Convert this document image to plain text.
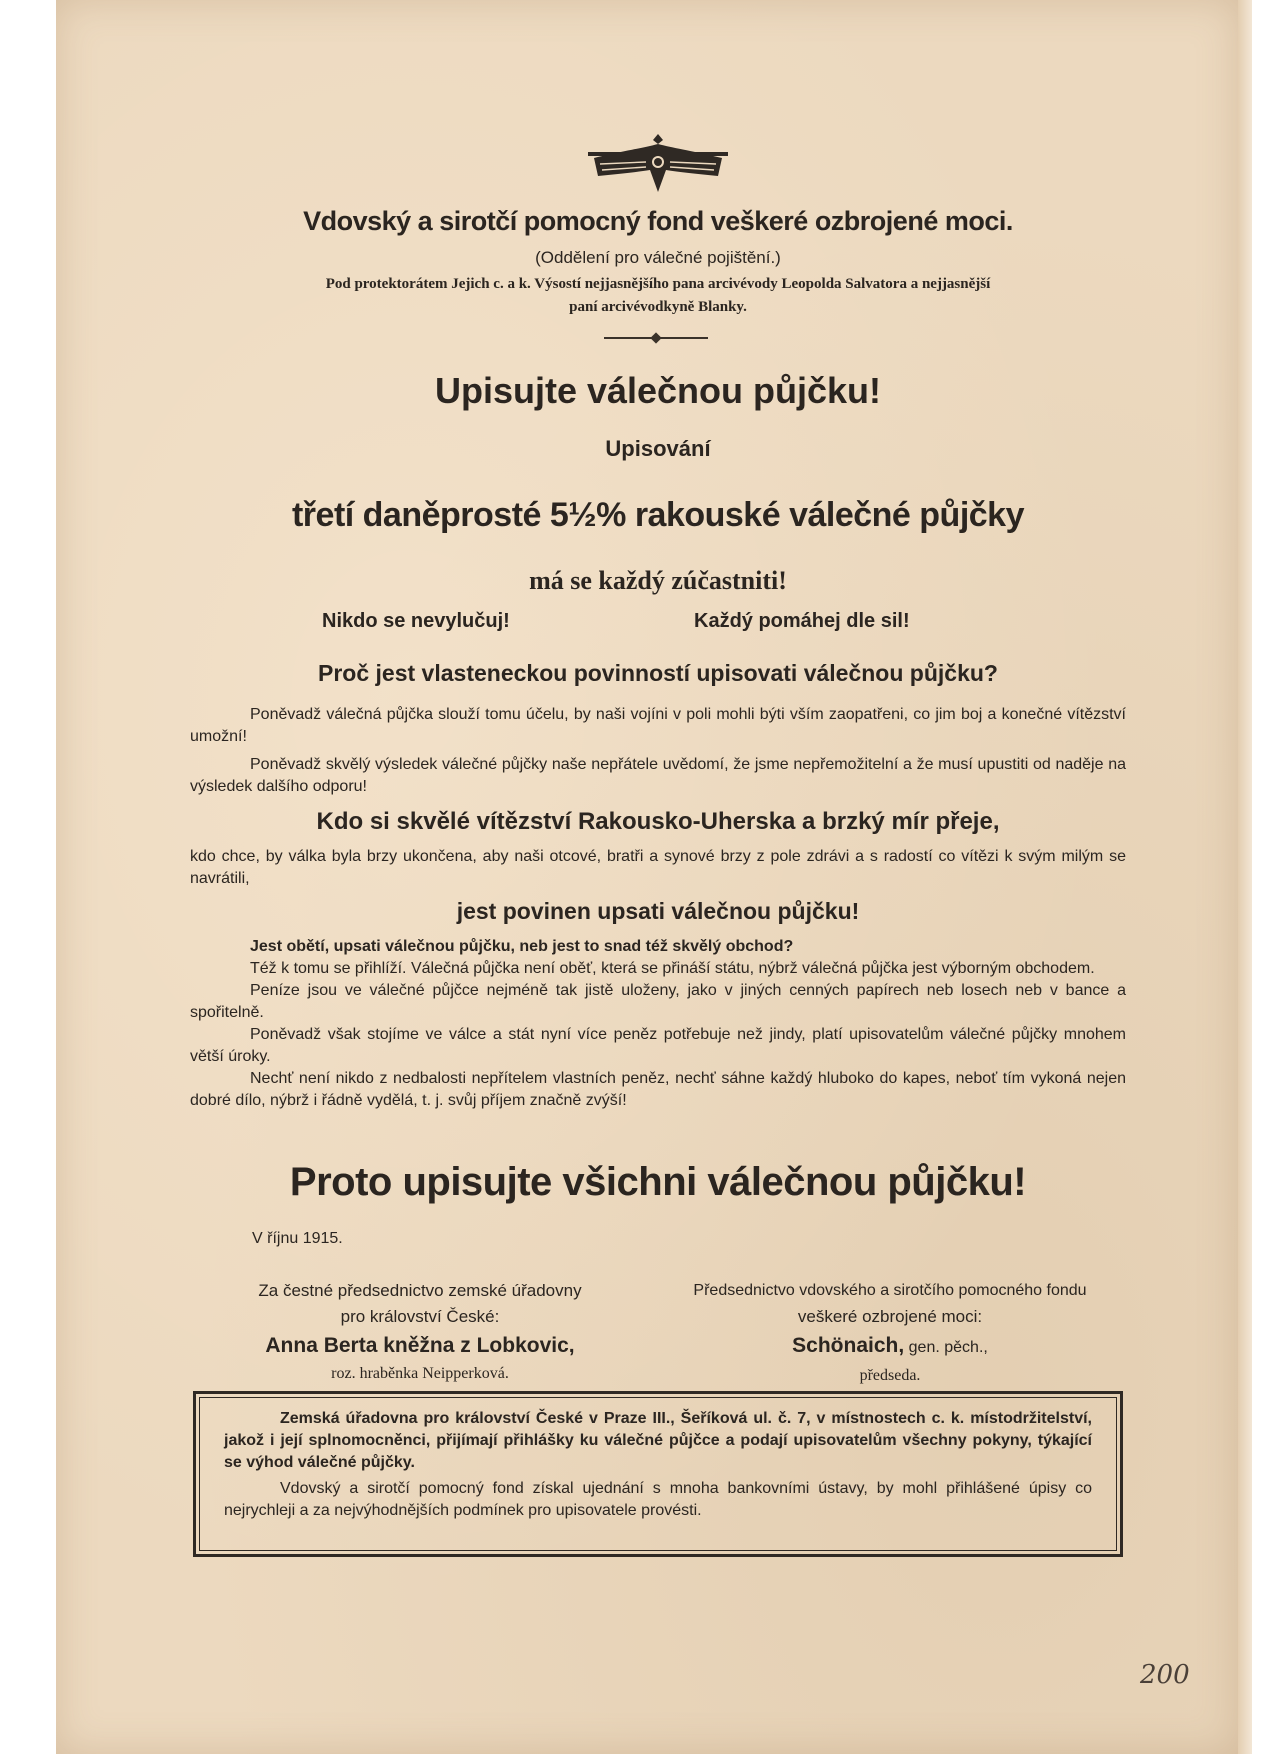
Vdovský a sirotčí pomocný fond veškeré ozbrojené moci.
(Oddělení pro válečné pojištění.)
Pod protektorátem Jejich c. a k. Výsostí nejjasnějšího pana arcivévody Leopolda Salvatora a nejjasnější
paní arcivévodkyně Blanky.
Upisujte válečnou půjčku!
Upisování
třetí daněprosté 5½% rakouské válečné půjčky
má se každý zúčastniti!
Nikdo se nevylučuj!	Každý pomáhej dle sil!
Proč jest vlastenеckou povinností upisovati válečnou půjčku?

Poněvadž válečná půjčka slouží tomu účelu, by naši vojíni v poli mohli býti vším zaopatřeni, co jim boj a konečné vítězství umožní!

Poněvadž skvělý výsledek válečné půjčky naše nepřátele uvědomí, že jsme nepřemožitelní a že musí upustiti od naděje na výsledek dalšího odporu!

Kdo si skvělé vítězství Rakousko-Uherska a brzký mír přeje,

kdo chce, by válka byla brzy ukončena, aby naši otcové, bratři a synové brzy z pole zdrávi a s radostí co vítězi k svým milým se navrátili,

jest povinen upsati válečnou půjčku!

Jest obětí, upsati válečnou půjčku, neb jest to snad též skvělý obchod?

Též k tomu se přihlíží. Válečná půjčka není oběť, která se přináší státu, nýbrž válečná půjčka jest výborným obchodem.

Peníze jsou ve válečné půjčce nejméně tak jistě uloženy, jako v jiných cenných papírech neb losech neb v bance a spořitelně.

Poněvadž však stojíme ve válce a stát nyní více peněz potřebuje než jindy, platí upisovatelům válečné půjčky mnohem větší úroky.

Nechť není nikdo z nedbalosti nepřítelem vlastních peněz, nechť sáhne každý hluboko do kapes, neboť tím vykoná nejen dobré dílo, nýbrž i řádně vydělá, t. j. svůj příjem značně zvýší!

Proto upisujte všichni válečnou půjčku!
V říjnu 1915.
Za čestné předsednictvo zemské úřadovny
pro království České:
Anna Berta kněžna z Lobkovic,
roz. hraběnka Neipperková.
Předsednictvo vdovského a sirotčího pomocného fondu
veškeré ozbrojené moci:
Schönaich, gen. pěch.,
předseda.

Zemská úřadovna pro království České v Praze III., Šeříková ul. č. 7, v místnostech c. k. místodržitelství, jakož i její splnomocněnci, přijímají přihlášky ku válečné půjčce a podají upisovatelům všechny pokyny, týkající se výhod válečné půjčky.

Vdovský a sirotčí pomocný fond získal ujednání s mnoha bankovními ústavy, by mohl přihlášené úpisy co nejrychleji a za nejvýhodnějších podmínek pro upisovatele provésti.

200
